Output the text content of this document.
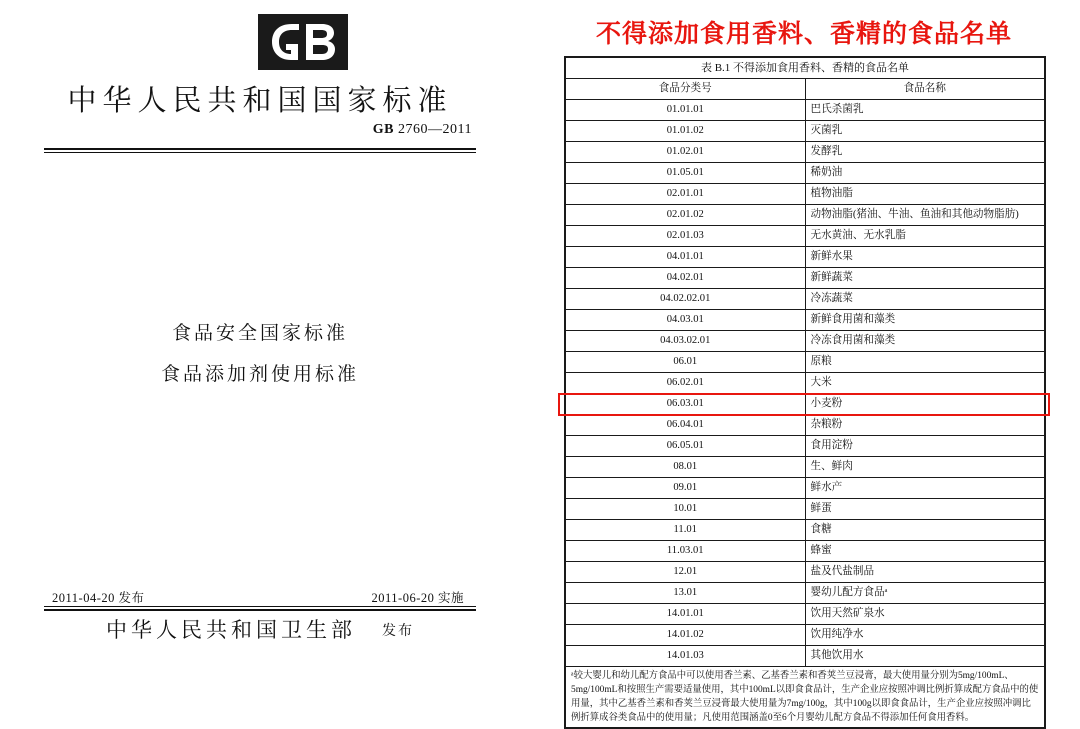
中华人民共和国国家标准
GB 2760—2011
食品安全国家标准
食品添加剂使用标准
2011-04-20 发布	2011-06-20 实施
中华人民共和国卫生部 发布
不得添加食用香料、香精的食品名单
表 B.1 不得添加食用香料、香精的食品名单	
食品分类号	食品名称
01.01.01	巴氏杀菌乳
01.01.02	灭菌乳
01.02.01	发酵乳
01.05.01	稀奶油
02.01.01	植物油脂
02.01.02	动物油脂(猪油、牛油、鱼油和其他动物脂肪)
02.01.03	无水黄油、无水乳脂
04.01.01	新鲜水果
04.02.01	新鲜蔬菜
04.02.02.01	冷冻蔬菜
04.03.01	新鲜食用菌和藻类
04.03.02.01	冷冻食用菌和藻类
06.01	原粮
06.02.01	大米
06.03.01	小麦粉
06.04.01	杂粮粉
06.05.01	食用淀粉
08.01	生、鲜肉
09.01	鲜水产
10.01	鲜蛋
11.01	食糖
11.03.01	蜂蜜
12.01	盐及代盐制品
13.01	婴幼儿配方食品ᵃ
14.01.01	饮用天然矿泉水
14.01.02	饮用纯净水
14.01.03	其他饮用水
ᵃ较大婴儿和幼儿配方食品中可以使用香兰素、乙基香兰素和香荚兰豆浸膏，最大使用量分别为5mg/100mL、5mg/100mL和按照生产需要适量使用，其中100mL以即食食品计，生产企业应按照冲调比例折算成配方食品中的使用量，其中乙基香兰素和香荚兰豆浸膏最大使用量为7mg/100g，其中100g以即食食品计，生产企业应按照冲调比例折算成谷类食品中的使用量；凡使用范围涵盖0至6个月婴幼儿配方食品不得添加任何食用香料。	
